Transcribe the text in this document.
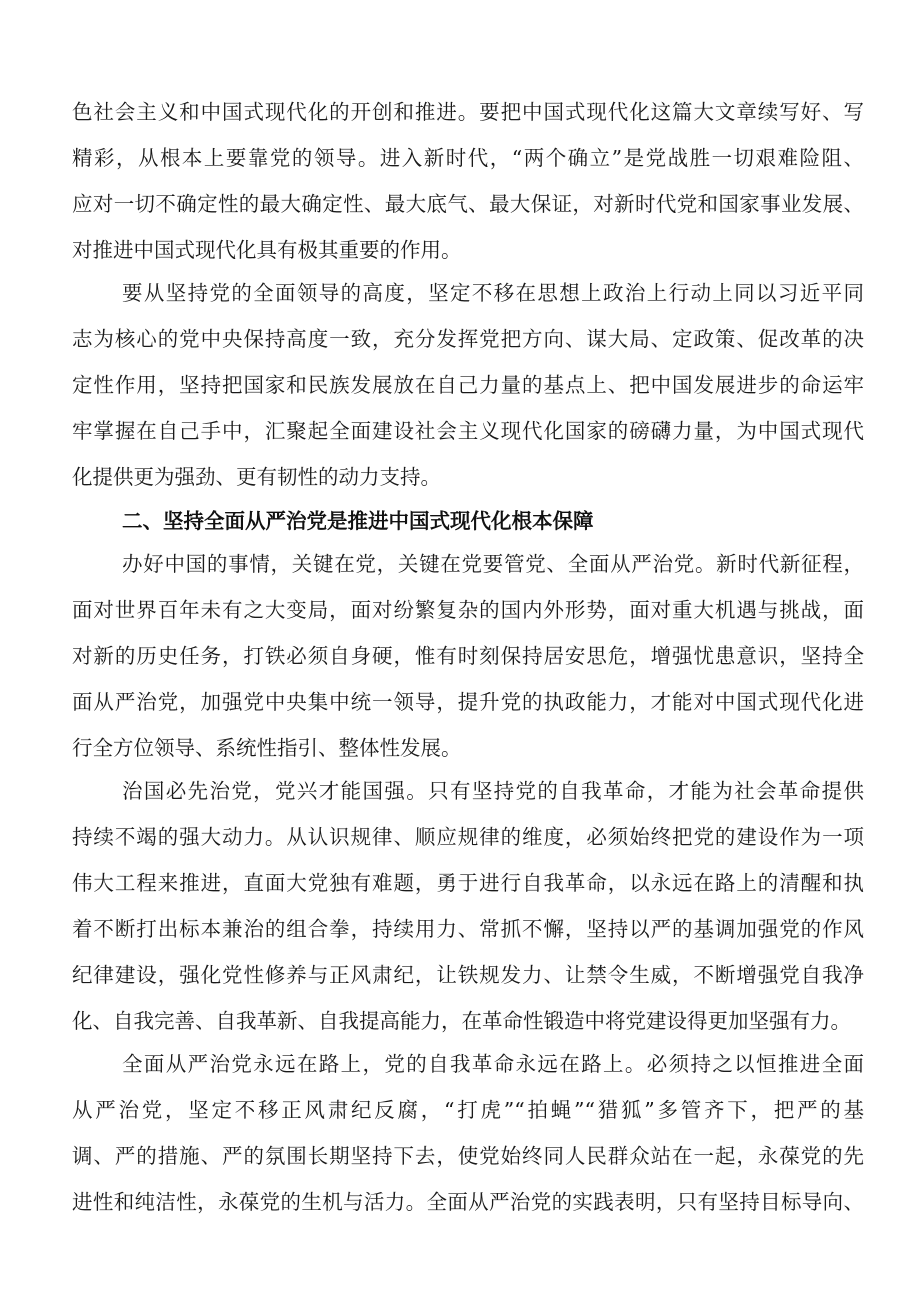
色社会主义和中国式现代化的开创和推进。要把中国式现代化这篇大文章续写好、写
精彩，从根本上要靠党的领导。进入新时代，“两个确立”是党战胜一切艰难险阻、
应对一切不确定性的最大确定性、最大底气、最大保证，对新时代党和国家事业发展、
对推进中国式现代化具有极其重要的作用。
要从坚持党的全面领导的高度，坚定不移在思想上政治上行动上同以习近平同
志为核心的党中央保持高度一致，充分发挥党把方向、谋大局、定政策、促改革的决
定性作用，坚持把国家和民族发展放在自己力量的基点上、把中国发展进步的命运牢
牢掌握在自己手中，汇聚起全面建设社会主义现代化国家的磅礴力量，为中国式现代
化提供更为强劲、更有韧性的动力支持。
二、坚持全面从严治党是推进中国式现代化根本保障
办好中国的事情，关键在党，关键在党要管党、全面从严治党。新时代新征程，
面对世界百年未有之大变局，面对纷繁复杂的国内外形势，面对重大机遇与挑战，面
对新的历史任务，打铁必须自身硬，惟有时刻保持居安思危，增强忧患意识，坚持全
面从严治党，加强党中央集中统一领导，提升党的执政能力，才能对中国式现代化进
行全方位领导、系统性指引、整体性发展。
治国必先治党，党兴才能国强。只有坚持党的自我革命，才能为社会革命提供
持续不竭的强大动力。从认识规律、顺应规律的维度，必须始终把党的建设作为一项
伟大工程来推进，直面大党独有难题，勇于进行自我革命，以永远在路上的清醒和执
着不断打出标本兼治的组合拳，持续用力、常抓不懈，坚持以严的基调加强党的作风
纪律建设，强化党性修养与正风肃纪，让铁规发力、让禁令生威，不断增强党自我净
化、自我完善、自我革新、自我提高能力，在革命性锻造中将党建设得更加坚强有力。
全面从严治党永远在路上，党的自我革命永远在路上。必须持之以恒推进全面
从严治党，坚定不移正风肃纪反腐，“打虎”“拍蝇”“猎狐”多管齐下，把严的基
调、严的措施、严的氛围长期坚持下去，使党始终同人民群众站在一起，永葆党的先
进性和纯洁性，永葆党的生机与活力。全面从严治党的实践表明，只有坚持目标导向、
